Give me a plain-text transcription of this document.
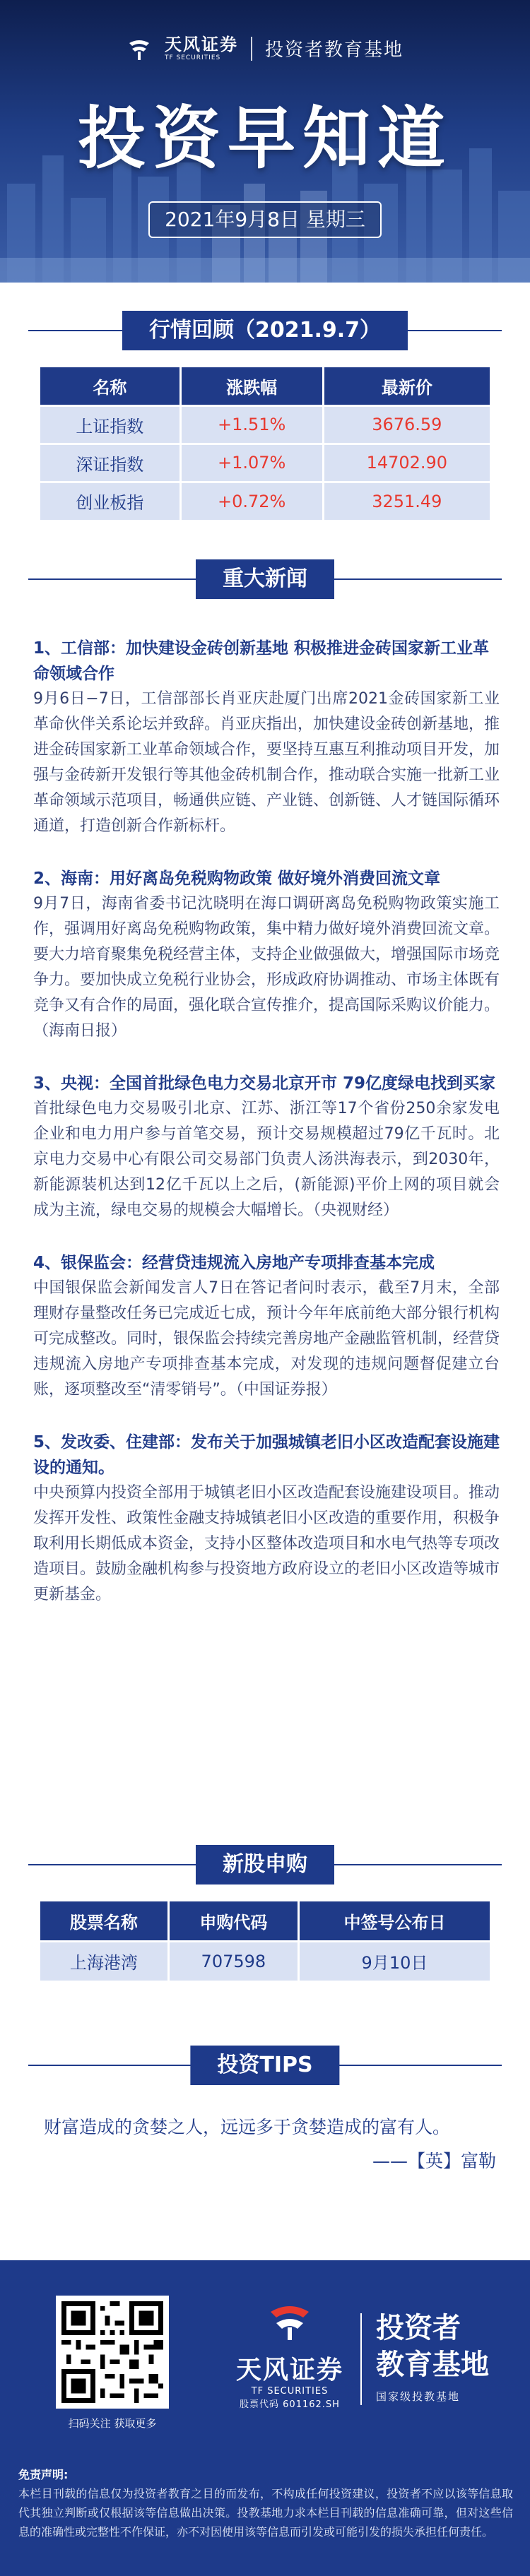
天风证券
TF SECURITIES	投资者教育基地
投资早知道
2021年9月8日 星期三
行情回顾（2021.9.7）
名称	涨跌幅	最新价
上证指数	+1.51%	3676.59
深证指数	+1.07%	14702.90
创业板指	+0.72%	3251.49
重大新闻
1、工信部：加快建设金砖创新基地 积极推进金砖国家新工业革命领域合作
9月6日−7日，工信部部长肖亚庆赴厦门出席2021金砖国家新工业革命伙伴关系论坛并致辞。肖亚庆指出，加快建设金砖创新基地，推进金砖国家新工业革命领域合作，要坚持互惠互利推动项目开发，加强与金砖新开发银行等其他金砖机制合作，推动联合实施一批新工业革命领域示范项目，畅通供应链、产业链、创新链、人才链国际循环通道，打造创新合作新标杆。
2、海南：用好离岛免税购物政策 做好境外消费回流文章
9月7日，海南省委书记沈晓明在海口调研离岛免税购物政策实施工作，强调用好离岛免税购物政策，集中精力做好境外消费回流文章。要大力培育聚集免税经营主体，支持企业做强做大，增强国际市场竞争力。要加快成立免税行业协会，形成政府协调推动、市场主体既有竞争又有合作的局面，强化联合宣传推介，提高国际采购议价能力。（海南日报）
3、央视：全国首批绿色电力交易北京开市 79亿度绿电找到买家
首批绿色电力交易吸引北京、江苏、浙江等17个省份250余家发电企业和电力用户参与首笔交易，预计交易规模超过79亿千瓦时。北京电力交易中心有限公司交易部门负责人汤洪海表示，到2030年，新能源装机达到12亿千瓦以上之后，(新能源)平价上网的项目就会成为主流，绿电交易的规模会大幅增长。（央视财经）
4、银保监会：经营贷违规流入房地产专项排查基本完成
中国银保监会新闻发言人7日在答记者问时表示，截至7月末，全部理财存量整改任务已完成近七成，预计今年年底前绝大部分银行机构可完成整改。同时，银保监会持续完善房地产金融监管机制，经营贷违规流入房地产专项排查基本完成，对发现的违规问题督促建立台账，逐项整改至“清零销号”。（中国证券报）
5、发改委、住建部：发布关于加强城镇老旧小区改造配套设施建设的通知。
中央预算内投资全部用于城镇老旧小区改造配套设施建设项目。推动发挥开发性、政策性金融支持城镇老旧小区改造的重要作用，积极争取利用长期低成本资金，支持小区整体改造项目和水电气热等专项改造项目。鼓励金融机构参与投资地方政府设立的老旧小区改造等城市更新基金。
新股申购
股票名称	申购代码	中签号公布日
上海港湾	707598	9月10日
投资TIPS
财富造成的贪婪之人，远远多于贪婪造成的富有人。
——【英】富勒
扫码关注 获取更多
天风证券
TF SECURITIES
股票代码 601162.SH
投资者
教育基地
国家级投教基地
免责声明:
本栏目刊载的信息仅为投资者教育之目的而发布，不构成任何投资建议，投资者不应以该等信息取代其独立判断或仅根据该等信息做出决策。投教基地力求本栏目刊载的信息准确可靠，但对这些信息的准确性或完整性不作保证，亦不对因使用该等信息而引发或可能引发的损失承担任何责任。
